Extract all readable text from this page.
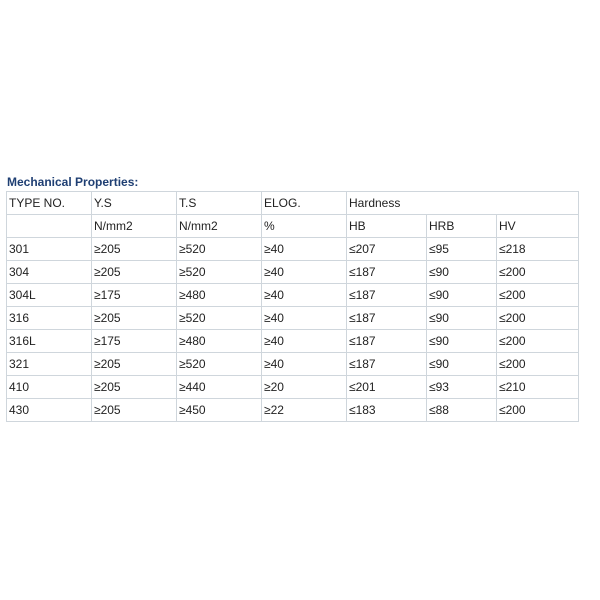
Mechanical Properties:
TYPE NO.	Y.S	T.S	ELOG.	Hardness		
	N/mm2	N/mm2	%	HB	HRB	HV
301	≥205	≥520	≥40	≤207	≤95	≤218
304	≥205	≥520	≥40	≤187	≤90	≤200
304L	≥175	≥480	≥40	≤187	≤90	≤200
316	≥205	≥520	≥40	≤187	≤90	≤200
316L	≥175	≥480	≥40	≤187	≤90	≤200
321	≥205	≥520	≥40	≤187	≤90	≤200
410	≥205	≥440	≥20	≤201	≤93	≤210
430	≥205	≥450	≥22	≤183	≤88	≤200
